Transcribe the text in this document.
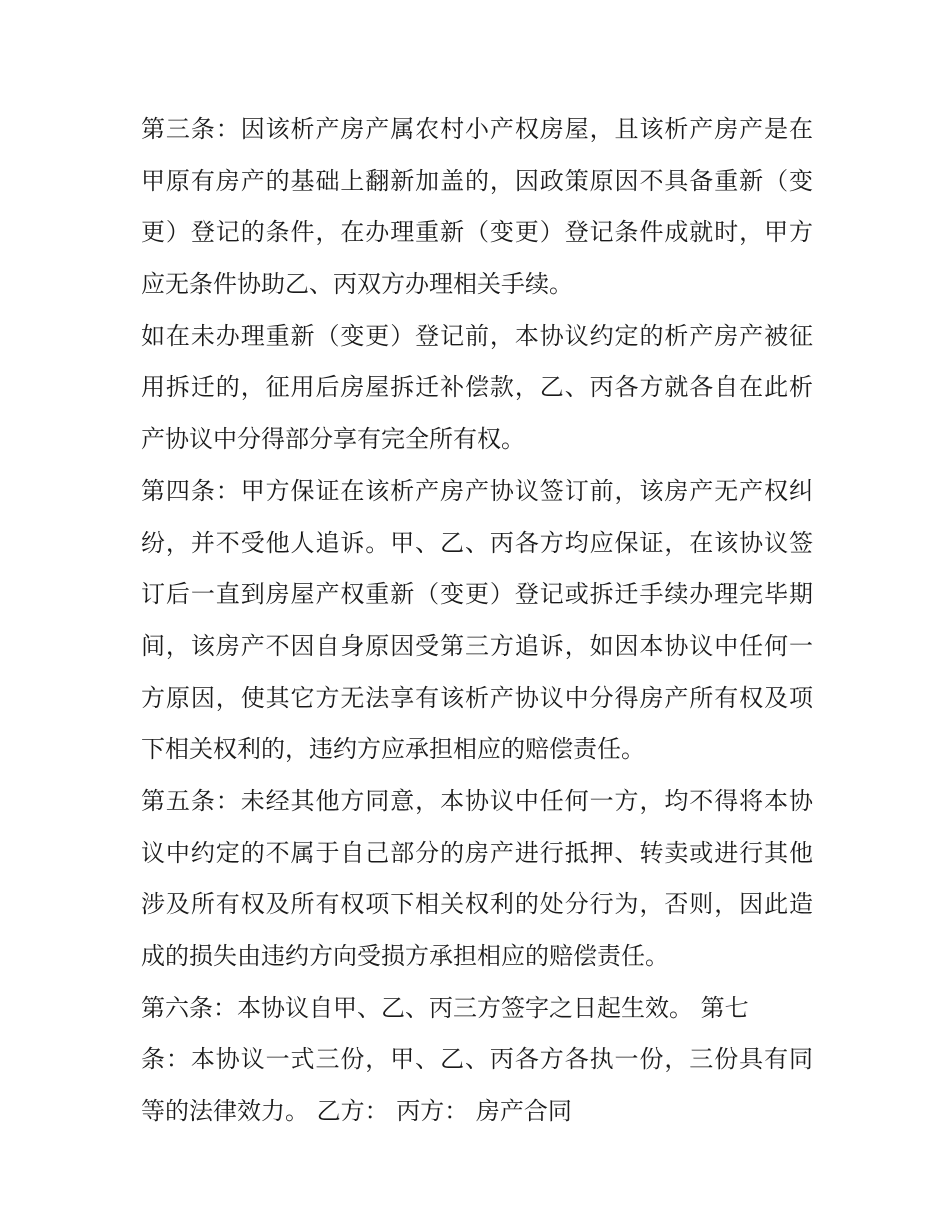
第三条：因该析产房产属农村小产权房屋，且该析产房产是在
甲原有房产的基础上翻新加盖的，因政策原因不具备重新（变
更）登记的条件，在办理重新（变更）登记条件成就时，甲方
应无条件协助乙、丙双方办理相关手续。
如在未办理重新（变更）登记前，本协议约定的析产房产被征
用拆迁的，征用后房屋拆迁补偿款，乙、丙各方就各自在此析
产协议中分得部分享有完全所有权。
第四条：甲方保证在该析产房产协议签订前，该房产无产权纠
纷，并不受他人追诉。甲、乙、丙各方均应保证，在该协议签
订后一直到房屋产权重新（变更）登记或拆迁手续办理完毕期
间，该房产不因自身原因受第三方追诉，如因本协议中任何一
方原因，使其它方无法享有该析产协议中分得房产所有权及项
下相关权利的，违约方应承担相应的赔偿责任。
第五条：未经其他方同意，本协议中任何一方，均不得将本协
议中约定的不属于自己部分的房产进行抵押、转卖或进行其他
涉及所有权及所有权项下相关权利的处分行为，否则，因此造
成的损失由违约方向受损方承担相应的赔偿责任。
第六条：本协议自甲、乙、丙三方签字之日起生效。 第七
条：本协议一式三份，甲、乙、丙各方各执一份，三份具有同
等的法律效力。 乙方： 丙方： 房产合同
